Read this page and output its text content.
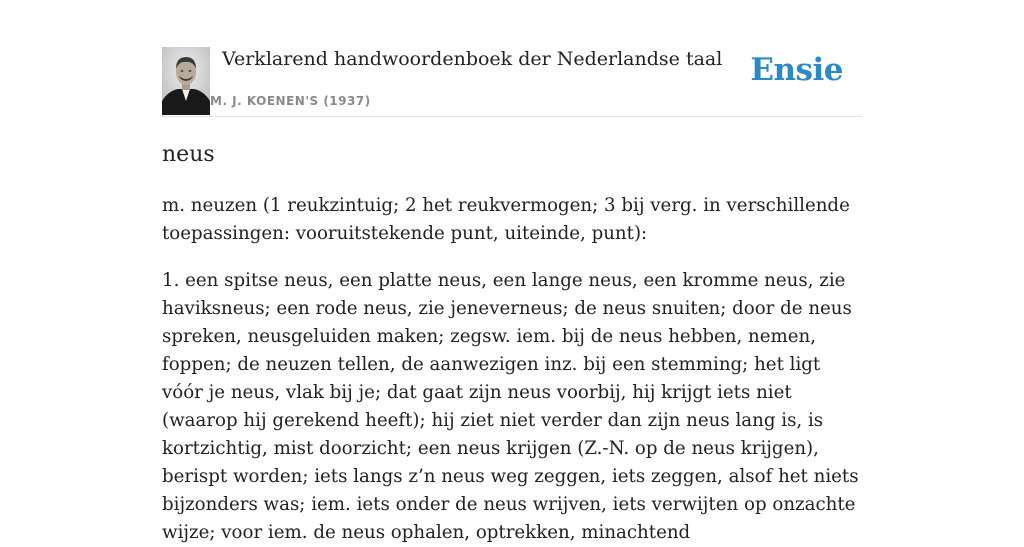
Verklarend handwoordenboek der Nederlandse taal
M. J. KOENEN'S (1937)
Ensie
neus

m. neuzen (1 reukzintuig; 2 het reukvermogen; 3 bij verg. in verschillende toepassingen: vooruitstekende punt, uiteinde, punt):

1. een spitse neus, een platte neus, een lange neus, een kromme neus, zie haviksneus; een rode neus, zie jeneverneus; de neus snuiten; door de neus spreken, neusgeluiden maken; zegsw. iem. bij de neus hebben, nemen, foppen; de neuzen tellen, de aanwezigen inz. bij een stemming; het ligt vóór je neus, vlak bij je; dat gaat zijn neus voorbij, hij krijgt iets niet (waarop hij gerekend heeft); hij ziet niet verder dan zijn neus lang is, is kortzichtig, mist doorzicht; een neus krijgen (Z.-N. op de neus krijgen), berispt worden; iets langs z’n neus weg zeggen, iets zeggen, alsof het niets bijzonders was; iem. iets onder de neus wrijven, iets verwijten op onzachte wijze; voor iem. de neus ophalen, optrekken, minachtend
